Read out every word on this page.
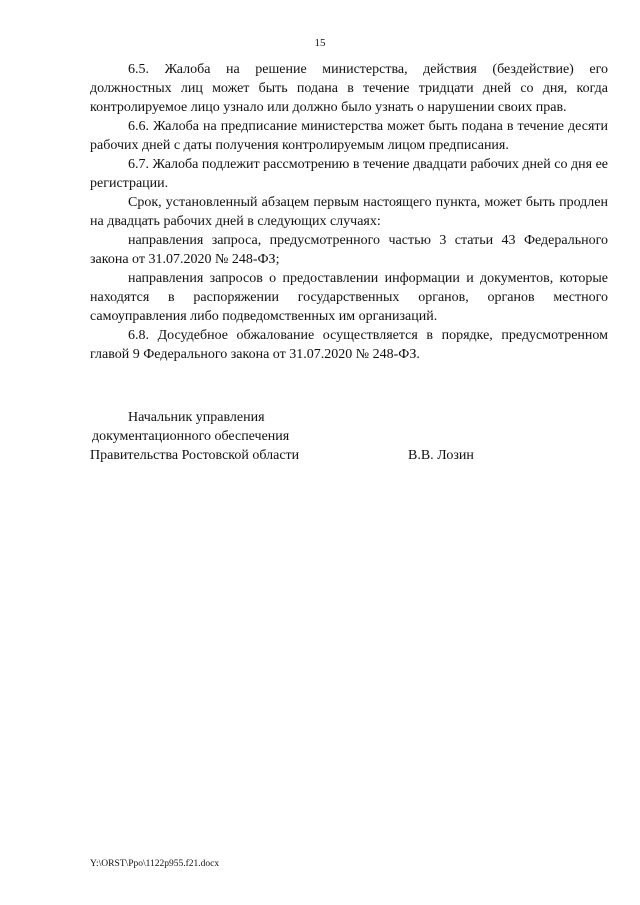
15

6.5. Жалоба на решение министерства, действия (бездействие) его должностных лиц может быть подана в течение тридцати дней со дня, когда контролируемое лицо узнало или должно было узнать о нарушении своих прав.

6.6. Жалоба на предписание министерства может быть подана в течение десяти рабочих дней с даты получения контролируемым лицом предписания.

6.7. Жалоба подлежит рассмотрению в течение двадцати рабочих дней со дня ее регистрации.

Срок, установленный абзацем первым настоящего пункта, может быть продлен на двадцать рабочих дней в следующих случаях:

направления запроса, предусмотренного частью 3 статьи 43 Федерального закона от 31.07.2020 № 248-ФЗ;

направления запросов о предоставлении информации и документов, которые находятся в распоряжении государственных органов, органов местного самоуправления либо подведомственных им организаций.

6.8. Досудебное обжалование осуществляется в порядке, предусмотренном главой 9 Федерального закона от 31.07.2020 № 248-ФЗ.

Начальник управления
документационного обеспечения
Правительства Ростовской области	В.В. Лозин
Y:\ORST\Ppo\1122p955.f21.docx
